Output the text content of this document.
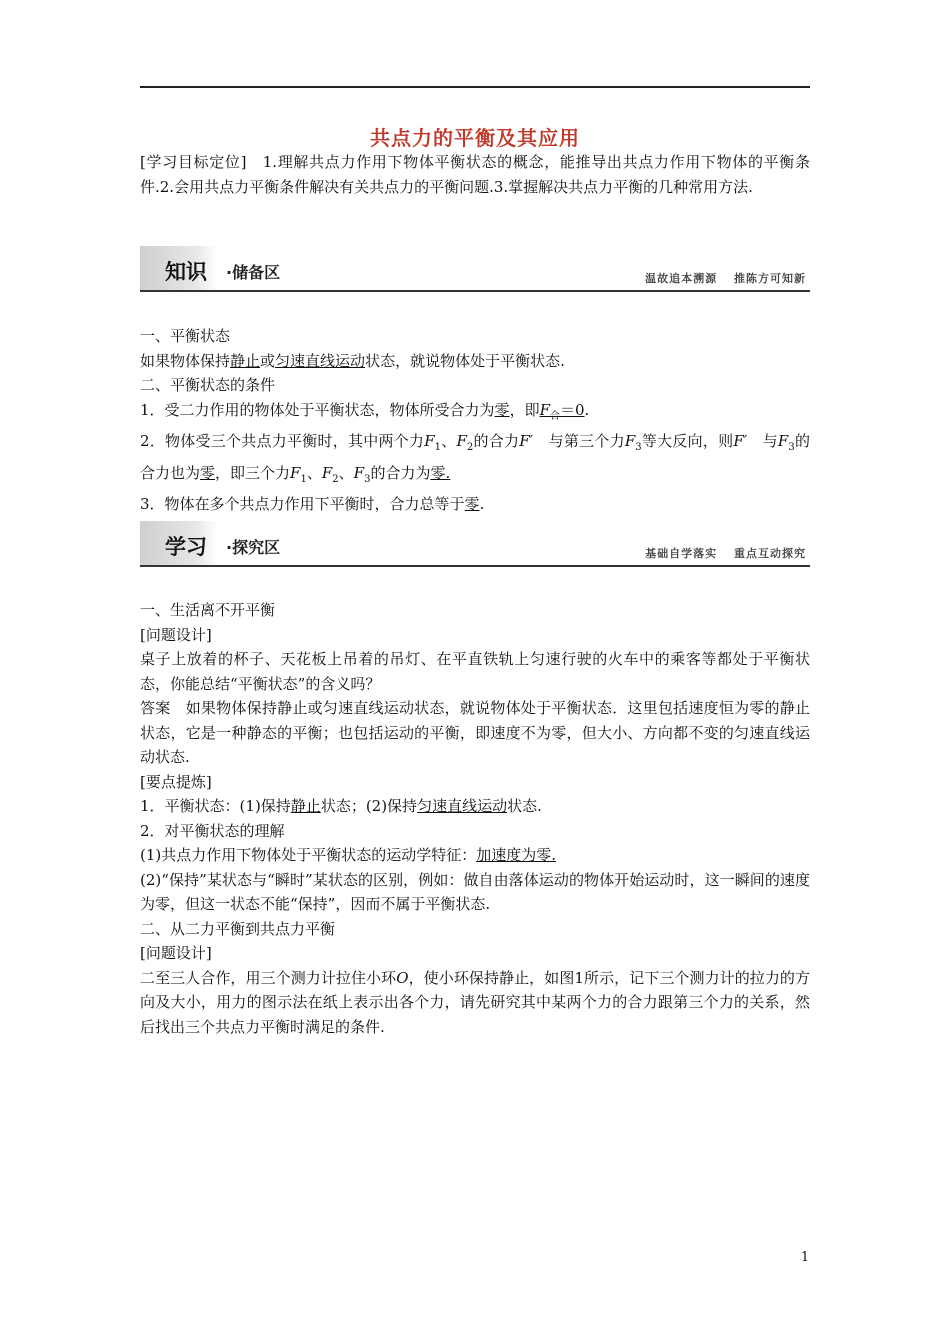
共点力的平衡及其应用

[学习目标定位]　1.理解共点力作用下物体平衡状态的概念，能推导出共点力作用下物体的平衡条件.2.会用共点力平衡条件解决有关共点力的平衡问题.3.掌握解决共点力平衡的几种常用方法.

知识 ·储备区	温故追本溯源　 推陈方可知新

一、平衡状态

如果物体保持静止或匀速直线运动状态，就说物体处于平衡状态.

二、平衡状态的条件

1．受二力作用的物体处于平衡状态，物体所受合力为零，即$F_合=0$.

2．物体受三个共点力平衡时，其中两个力$F_1$、$F_2$的合力F′　 与第三个力$F_3$等大反向，则F′　 与$F_3$的合力也为零，即三个力$F_1$、$F_2$、$F_3$的合力为零.

3．物体在多个共点力作用下平衡时，合力总等于零.

学习 ·探究区	基础自学落实　 重点互动探究

一、生活离不开平衡

[问题设计]

桌子上放着的杯子、天花板上吊着的吊灯、在平直铁轨上匀速行驶的火车中的乘客等都处于平衡状态，你能总结“平衡状态”的含义吗？

答案　如果物体保持静止或匀速直线运动状态，就说物体处于平衡状态．这里包括速度恒为零的静止状态，它是一种静态的平衡；也包括运动的平衡，即速度不为零，但大小、方向都不变的匀速直线运动状态.

[要点提炼]

1．平衡状态：(1)保持静止状态；(2)保持匀速直线运动状态.

2．对平衡状态的理解

(1)共点力作用下物体处于平衡状态的运动学特征：加速度为零.

(2)“保持”某状态与“瞬时”某状态的区别，例如：做自由落体运动的物体开始运动时，这一瞬间的速度为零，但这一状态不能“保持”，因而不属于平衡状态.

二、从二力平衡到共点力平衡

[问题设计]

二至三人合作，用三个测力计拉住小环O，使小环保持静止，如图1所示，记下三个测力计的拉力的方向及大小，用力的图示法在纸上表示出各个力，请先研究其中某两个力的合力跟第三个力的关系，然后找出三个共点力平衡时满足的条件.

1
